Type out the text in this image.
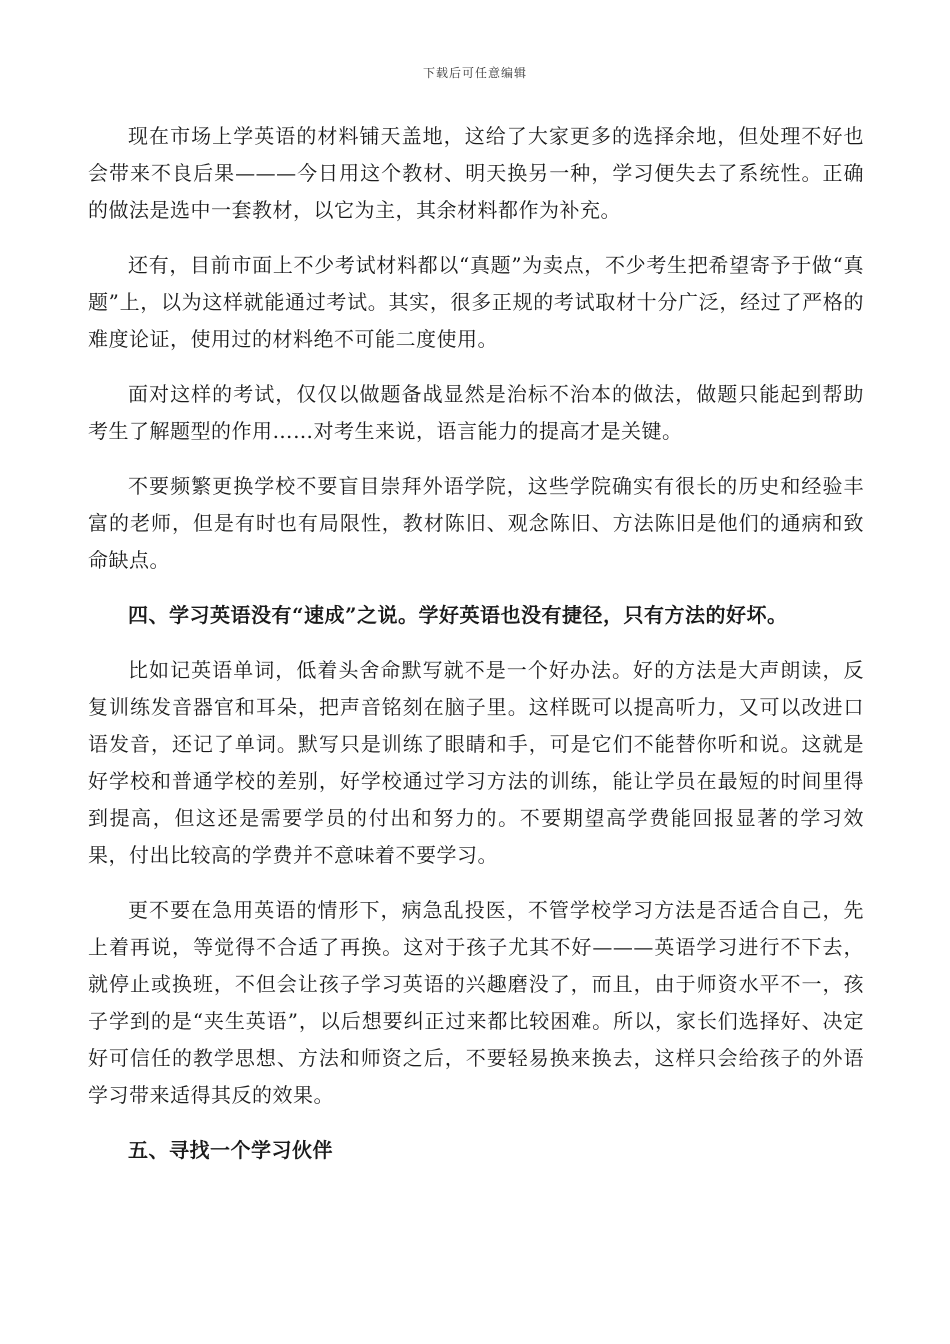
下载后可任意编辑

现在市场上学英语的材料铺天盖地，这给了大家更多的选择余地，但处理不好也会带来不良后果———今日用这个教材、明天换另一种，学习便失去了系统性。正确的做法是选中一套教材，以它为主，其余材料都作为补充。

还有，目前市面上不少考试材料都以“真题”为卖点，不少考生把希望寄予于做“真题”上，以为这样就能通过考试。其实，很多正规的考试取材十分广泛，经过了严格的难度论证，使用过的材料绝不可能二度使用。

面对这样的考试，仅仅以做题备战显然是治标不治本的做法，做题只能起到帮助考生了解题型的作用……对考生来说，语言能力的提高才是关键。

不要频繁更换学校不要盲目崇拜外语学院，这些学院确实有很长的历史和经验丰富的老师，但是有时也有局限性，教材陈旧、观念陈旧、方法陈旧是他们的通病和致命缺点。

四、学习英语没有“速成”之说。学好英语也没有捷径，只有方法的好坏。

比如记英语单词，低着头舍命默写就不是一个好办法。好的方法是大声朗读，反复训练发音器官和耳朵，把声音铭刻在脑子里。这样既可以提高听力，又可以改进口语发音，还记了单词。默写只是训练了眼睛和手，可是它们不能替你听和说。这就是好学校和普通学校的差别，好学校通过学习方法的训练，能让学员在最短的时间里得到提高，但这还是需要学员的付出和努力的。不要期望高学费能回报显著的学习效果，付出比较高的学费并不意味着不要学习。

更不要在急用英语的情形下，病急乱投医，不管学校学习方法是否适合自己，先上着再说，等觉得不合适了再换。这对于孩子尤其不好———英语学习进行不下去，就停止或换班，不但会让孩子学习英语的兴趣磨没了，而且，由于师资水平不一，孩子学到的是“夹生英语”，以后想要纠正过来都比较困难。所以，家长们选择好、决定好可信任的教学思想、方法和师资之后，不要轻易换来换去，这样只会给孩子的外语学习带来适得其反的效果。

五、寻找一个学习伙伴
